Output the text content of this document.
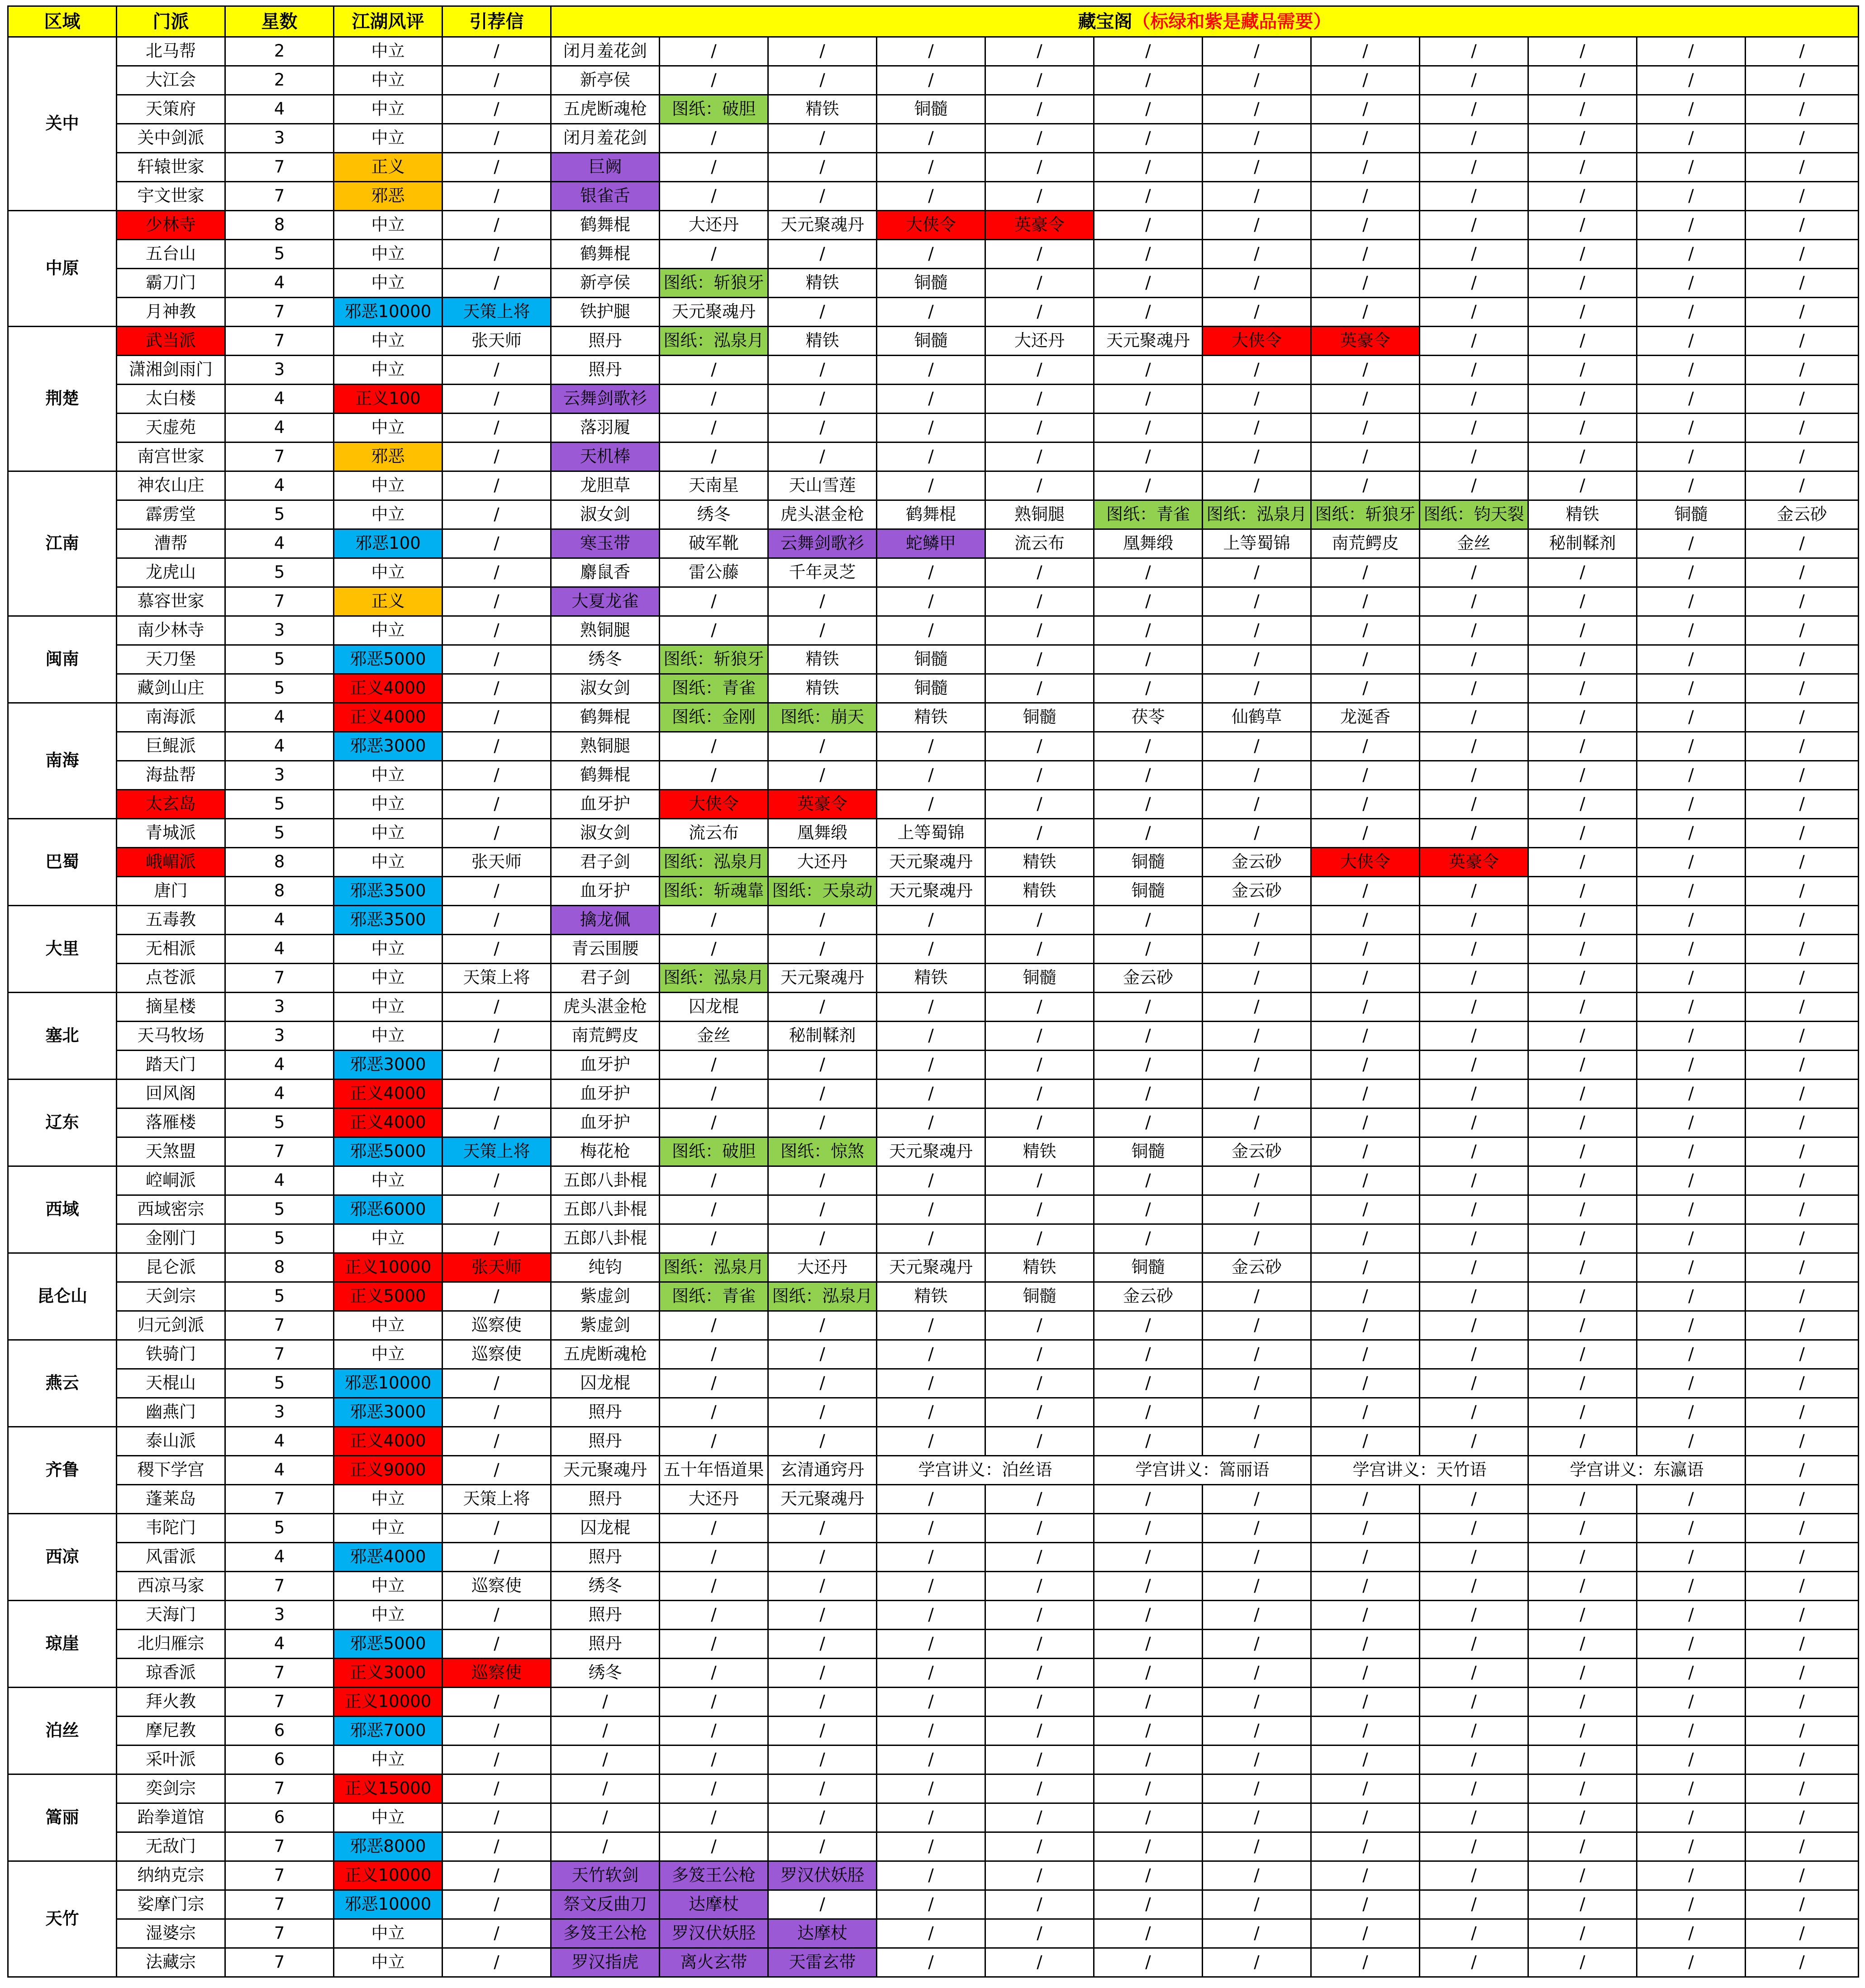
区域	门派	星数	江湖风评	引荐信	藏宝阁（标绿和紫是藏品需要）											
关中	北马帮	2	中立	/	闭月羞花剑	/	/	/	/	/	/	/	/	/	/	/
	大江会	2	中立	/	新亭侯	/	/	/	/	/	/	/	/	/	/	/
	天策府	4	中立	/	五虎断魂枪	图纸：破胆	精铁	铜髓	/	/	/	/	/	/	/	/
	关中剑派	3	中立	/	闭月羞花剑	/	/	/	/	/	/	/	/	/	/	/
	轩辕世家	7	正义	/	巨阙	/	/	/	/	/	/	/	/	/	/	/
	宇文世家	7	邪恶	/	银雀舌	/	/	/	/	/	/	/	/	/	/	/
中原	少林寺	8	中立	/	鹤舞棍	大还丹	天元聚魂丹	大侠令	英豪令	/	/	/	/	/	/	/
	五台山	5	中立	/	鹤舞棍	/	/	/	/	/	/	/	/	/	/	/
	霸刀门	4	中立	/	新亭侯	图纸：斩狼牙	精铁	铜髓	/	/	/	/	/	/	/	/
	月神教	7	邪恶10000	天策上将	铁护腿	天元聚魂丹	/	/	/	/	/	/	/	/	/	/
荆楚	武当派	7	中立	张天师	照丹	图纸：泓泉月	精铁	铜髓	大还丹	天元聚魂丹	大侠令	英豪令	/	/	/	/
	潇湘剑雨门	3	中立	/	照丹	/	/	/	/	/	/	/	/	/	/	/
	太白楼	4	正义100	/	云舞剑歌衫	/	/	/	/	/	/	/	/	/	/	/
	天虚苑	4	中立	/	落羽履	/	/	/	/	/	/	/	/	/	/	/
	南宫世家	7	邪恶	/	天机棒	/	/	/	/	/	/	/	/	/	/	/
江南	神农山庄	4	中立	/	龙胆草	天南星	天山雪莲	/	/	/	/	/	/	/	/	/
	霹雳堂	5	中立	/	淑女剑	绣冬	虎头湛金枪	鹤舞棍	熟铜腿	图纸：青雀	图纸：泓泉月	图纸：斩狼牙	图纸：钧天裂	精铁	铜髓	金云砂
	漕帮	4	邪恶100	/	寒玉带	破军靴	云舞剑歌衫	蛇鳞甲	流云布	凰舞缎	上等蜀锦	南荒鳄皮	金丝	秘制鞣剂	/	/
	龙虎山	5	中立	/	麝鼠香	雷公藤	千年灵芝	/	/	/	/	/	/	/	/	/
	慕容世家	7	正义	/	大夏龙雀	/	/	/	/	/	/	/	/	/	/	/
闽南	南少林寺	3	中立	/	熟铜腿	/	/	/	/	/	/	/	/	/	/	/
	天刀堡	5	邪恶5000	/	绣冬	图纸：斩狼牙	精铁	铜髓	/	/	/	/	/	/	/	/
	藏剑山庄	5	正义4000	/	淑女剑	图纸：青雀	精铁	铜髓	/	/	/	/	/	/	/	/
南海	南海派	4	正义4000	/	鹤舞棍	图纸：金刚	图纸：崩天	精铁	铜髓	茯苓	仙鹤草	龙涎香	/	/	/	/
	巨鲲派	4	邪恶3000	/	熟铜腿	/	/	/	/	/	/	/	/	/	/	/
	海盐帮	3	中立	/	鹤舞棍	/	/	/	/	/	/	/	/	/	/	/
	太玄岛	5	中立	/	血牙护	大侠令	英豪令	/	/	/	/	/	/	/	/	/
巴蜀	青城派	5	中立	/	淑女剑	流云布	凰舞缎	上等蜀锦	/	/	/	/	/	/	/	/
	峨嵋派	8	中立	张天师	君子剑	图纸：泓泉月	大还丹	天元聚魂丹	精铁	铜髓	金云砂	大侠令	英豪令	/	/	/
	唐门	8	邪恶3500	/	血牙护	图纸：斩魂靠	图纸：天泉动	天元聚魂丹	精铁	铜髓	金云砂	/	/	/	/	/
大里	五毒教	4	邪恶3500	/	擒龙佩	/	/	/	/	/	/	/	/	/	/	/
	无相派	4	中立	/	青云围腰	/	/	/	/	/	/	/	/	/	/	/
	点苍派	7	中立	天策上将	君子剑	图纸：泓泉月	天元聚魂丹	精铁	铜髓	金云砂	/	/	/	/	/	/
塞北	摘星楼	3	中立	/	虎头湛金枪	囚龙棍	/	/	/	/	/	/	/	/	/	/
	天马牧场	3	中立	/	南荒鳄皮	金丝	秘制鞣剂	/	/	/	/	/	/	/	/	/
	踏天门	4	邪恶3000	/	血牙护	/	/	/	/	/	/	/	/	/	/	/
辽东	回风阁	4	正义4000	/	血牙护	/	/	/	/	/	/	/	/	/	/	/
	落雁楼	5	正义4000	/	血牙护	/	/	/	/	/	/	/	/	/	/	/
	天煞盟	7	邪恶5000	天策上将	梅花枪	图纸：破胆	图纸：惊煞	天元聚魂丹	精铁	铜髓	金云砂	/	/	/	/	/
西域	崆峒派	4	中立	/	五郎八卦棍	/	/	/	/	/	/	/	/	/	/	/
	西域密宗	5	邪恶6000	/	五郎八卦棍	/	/	/	/	/	/	/	/	/	/	/
	金刚门	5	中立	/	五郎八卦棍	/	/	/	/	/	/	/	/	/	/	/
昆仑山	昆仑派	8	正义10000	张天师	纯钧	图纸：泓泉月	大还丹	天元聚魂丹	精铁	铜髓	金云砂	/	/	/	/	/
	天剑宗	5	正义5000	/	紫虚剑	图纸：青雀	图纸：泓泉月	精铁	铜髓	金云砂	/	/	/	/	/	/
	归元剑派	7	中立	巡察使	紫虚剑	/	/	/	/	/	/	/	/	/	/	/
燕云	铁骑门	7	中立	巡察使	五虎断魂枪	/	/	/	/	/	/	/	/	/	/	/
	天棍山	5	邪恶10000	/	囚龙棍	/	/	/	/	/	/	/	/	/	/	/
	幽燕门	3	邪恶3000	/	照丹	/	/	/	/	/	/	/	/	/	/	/
齐鲁	泰山派	4	正义4000	/	照丹	/	/	/	/	/	/	/	/	/	/	/
	稷下学宫	4	正义9000	/	天元聚魂丹	五十年悟道果	玄清通窍丹	学宫讲义：泊丝语		学宫讲义：篙丽语		学宫讲义：天竹语		学宫讲义：东瀛语		/
	蓬莱岛	7	中立	天策上将	照丹	大还丹	天元聚魂丹	/	/	/	/	/	/	/	/	/
西凉	韦陀门	5	中立	/	囚龙棍	/	/	/	/	/	/	/	/	/	/	/
	风雷派	4	邪恶4000	/	照丹	/	/	/	/	/	/	/	/	/	/	/
	西凉马家	7	中立	巡察使	绣冬	/	/	/	/	/	/	/	/	/	/	/
琼崖	天海门	3	中立	/	照丹	/	/	/	/	/	/	/	/	/	/	/
	北归雁宗	4	邪恶5000	/	照丹	/	/	/	/	/	/	/	/	/	/	/
	琼香派	7	正义3000	巡察使	绣冬	/	/	/	/	/	/	/	/	/	/	/
泊丝	拜火教	7	正义10000	/	/	/	/	/	/	/	/	/	/	/	/	/
	摩尼教	6	邪恶7000	/	/	/	/	/	/	/	/	/	/	/	/	/
	采叶派	6	中立	/	/	/	/	/	/	/	/	/	/	/	/	/
篙丽	奕剑宗	7	正义15000	/	/	/	/	/	/	/	/	/	/	/	/	/
	跆拳道馆	6	中立	/	/	/	/	/	/	/	/	/	/	/	/	/
	无敌门	7	邪恶8000	/	/	/	/	/	/	/	/	/	/	/	/	/
天竹	纳纳克宗	7	正义10000	/	天竹软剑	多笈王公枪	罗汉伏妖胫	/	/	/	/	/	/	/	/	/
	娑摩门宗	7	邪恶10000	/	祭文反曲刀	达摩杖	/	/	/	/	/	/	/	/	/	/
	湿婆宗	7	中立	/	多笈王公枪	罗汉伏妖胫	达摩杖	/	/	/	/	/	/	/	/	/
	法藏宗	7	中立	/	罗汉指虎	离火玄带	天雷玄带	/	/	/	/	/	/	/	/	/
